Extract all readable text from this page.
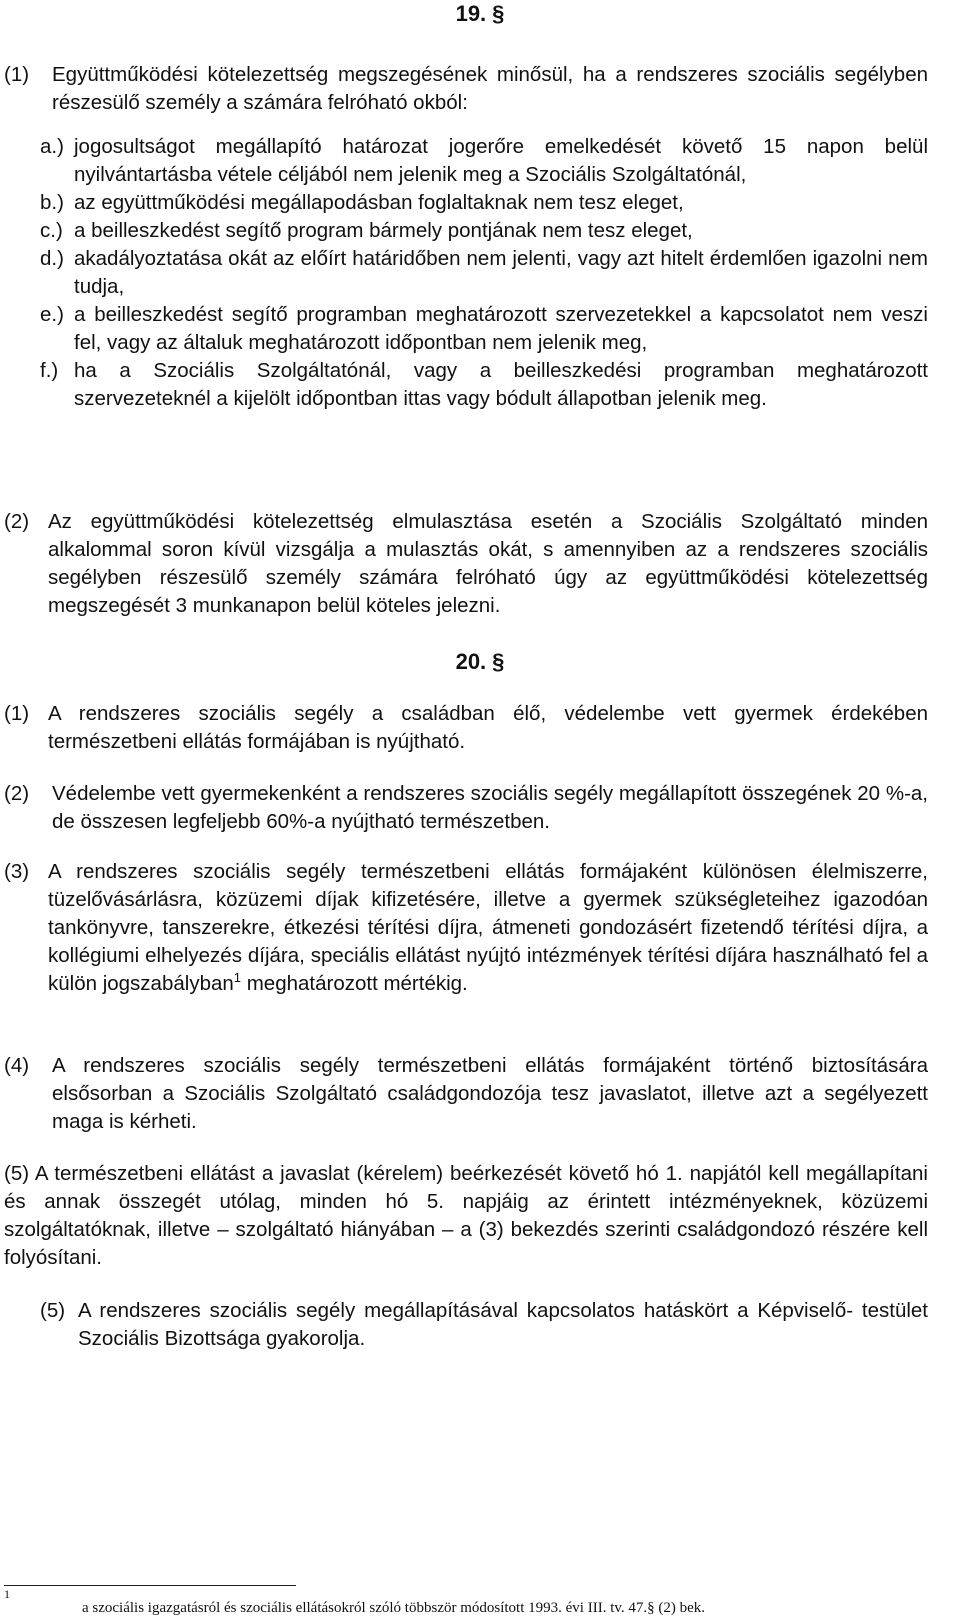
19. §
(1)	Együttműködési kötelezettség megszegésének minősül, ha a rendszeres szociális segélyben részesülő személy a számára felróható okból:
a.) jogosultságot megállapító határozat jogerőre emelkedését követő 15 napon belül nyilvántartásba vétele céljából nem jelenik meg a Szociális Szolgáltatónál,
b.) az együttműködési megállapodásban foglaltaknak nem tesz eleget,
c.) a beilleszkedést segítő program bármely pontjának nem tesz eleget,
d.) akadályoztatása okát az előírt határidőben nem jelenti, vagy azt hitelt érdemlően igazolni nem tudja,
e.) a beilleszkedést segítő programban meghatározott szervezetekkel a kapcsolatot nem veszi fel, vagy az általuk meghatározott időpontban nem jelenik meg,
f.) ha a Szociális Szolgáltatónál, vagy a beilleszkedési programban meghatározott szervezeteknél a kijelölt időpontban ittas vagy bódult állapotban jelenik meg.
(2) Az együttműködési kötelezettség elmulasztása esetén a Szociális Szolgáltató minden alkalommal soron kívül vizsgálja a mulasztás okát, s amennyiben az a rendszeres szociális segélyben részesülő személy számára felróható úgy az együttműködési kötelezettség megszegését 3 munkanapon belül köteles jelezni.
20. §
(1) A rendszeres szociális segély a családban élő, védelembe vett gyermek érdekében természetbeni ellátás formájában is nyújtható.
(2)	Védelembe vett gyermekenként a rendszeres szociális segély megállapított összegének 20 %-a, de összesen legfeljebb 60%-a nyújtható természetben.
(3) A rendszeres szociális segély természetbeni ellátás formájaként különösen élelmiszerre, tüzelővásárlásra, közüzemi díjak kifizetésére, illetve a gyermek szükségleteihez igazodóan tankönyvre, tanszerekre, étkezési térítési díjra, átmeneti gondozásért fizetendő térítési díjra, a kollégiumi elhelyezés díjára, speciális ellátást nyújtó intézmények térítési díjára használható fel a külön jogszabályban$^1$ meghatározott mértékig.
(4)	A rendszeres szociális segély természetbeni ellátás formájaként történő biztosítására elsősorban a Szociális Szolgáltató családgondozója tesz javaslatot, illetve azt a segélyezett maga is kérheti.
(5) A természetbeni ellátást a javaslat (kérelem) beérkezését követő hó 1. napjától kell megállapítani és annak összegét utólag, minden hó 5. napjáig az érintett intézményeknek, közüzemi szolgáltatóknak, illetve – szolgáltató hiányában – a (3) bekezdés szerinti családgondozó részére kell folyósítani.
(5) A rendszeres szociális segély megállapításával kapcsolatos hatáskört a Képviselő- testület Szociális Bizottsága gyakorolja.
1
a szociális igazgatásról és szociális ellátásokról szóló többször módosított 1993. évi III. tv. 47.§ (2) bek.
